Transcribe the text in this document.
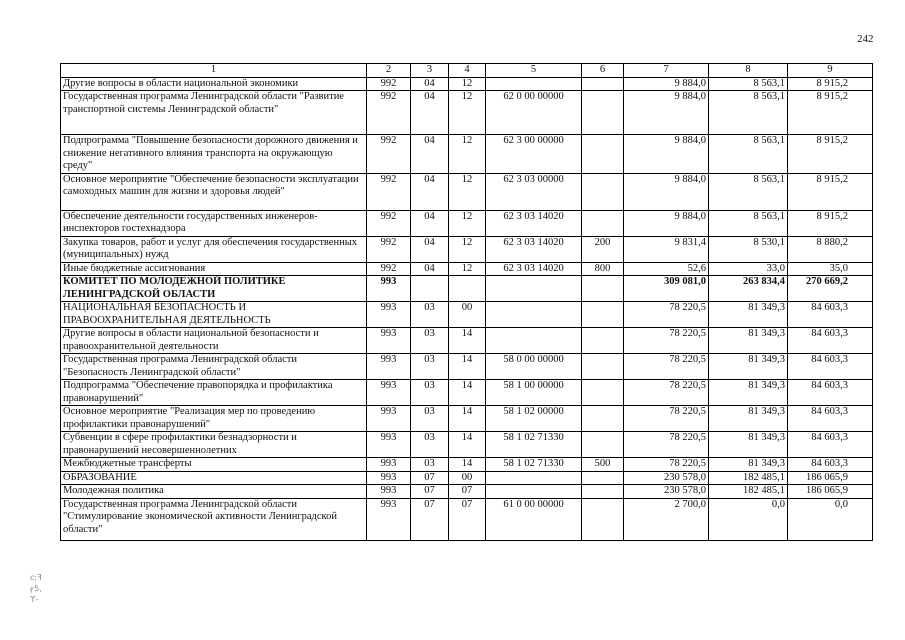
242
1	2	3	4	5	6	7	8	9
Другие вопросы в области национальной экономики	992	04	12			9 884,0	8 563,1	8 915,2
Государственная программа Ленинградской области "Развитие транспортной системы Ленинградской области"	992	04	12	62 0 00 00000		9 884,0	8 563,1	8 915,2
Подпрограмма "Повышение безопасности дорожного движения и снижение негативного влияния транспорта на окружающую среду"	992	04	12	62 3 00 00000		9 884,0	8 563,1	8 915,2
Основное мероприятие "Обеспечение безопасности эксплуатации самоходных машин для жизни и здоровья людей"	992	04	12	62 3 03 00000		9 884,0	8 563,1	8 915,2
Обеспечение деятельности государственных инженеров-инспекторов гостехнадзора	992	04	12	62 3 03 14020		9 884,0	8 563,1	8 915,2
Закупка товаров, работ и услуг для обеспечения государственных (муниципальных) нужд	992	04	12	62 3 03 14020	200	9 831,4	8 530,1	8 880,2
Иные бюджетные ассигнования	992	04	12	62 3 03 14020	800	52,6	33,0	35,0
КОМИТЕТ ПО МОЛОДЕЖНОЙ ПОЛИТИКЕ ЛЕНИНГРАДСКОЙ ОБЛАСТИ	993					309 081,0	263 834,4	270 669,2
НАЦИОНАЛЬНАЯ БЕЗОПАСНОСТЬ И ПРАВООХРАНИТЕЛЬНАЯ ДЕЯТЕЛЬНОСТЬ	993	03	00			78 220,5	81 349,3	84 603,3
Другие вопросы в области национальной безопасности и правоохранительной деятельности	993	03	14			78 220,5	81 349,3	84 603,3
Государственная программа Ленинградской области "Безопасность Ленинградской области"	993	03	14	58 0 00 00000		78 220,5	81 349,3	84 603,3
Подпрограмма "Обеспечение правопорядка и профилактика правонарушений"	993	03	14	58 1 00 00000		78 220,5	81 349,3	84 603,3
Основное мероприятие "Реализация мер по проведению профилактики правонарушений"	993	03	14	58 1 02 00000		78 220,5	81 349,3	84 603,3
Субвенции в сфере профилактики безнадзорности и правонарушений несовершеннолетних	993	03	14	58 1 02 71330		78 220,5	81 349,3	84 603,3
Межбюджетные трансферты	993	03	14	58 1 02 71330	500	78 220,5	81 349,3	84 603,3
ОБРАЗОВАНИЕ	993	07	00			230 578,0	182 485,1	186 065,9
Молодежная политика	993	07	07			230 578,0	182 485,1	186 065,9
Государственная программа Ленинградской области "Стимулирование экономической активности Ленинградской области"	993	07	07	61 0 00 00000		2 700,0	0,0	0,0
c;ꟻ
ꝩ5,
ϒ-
